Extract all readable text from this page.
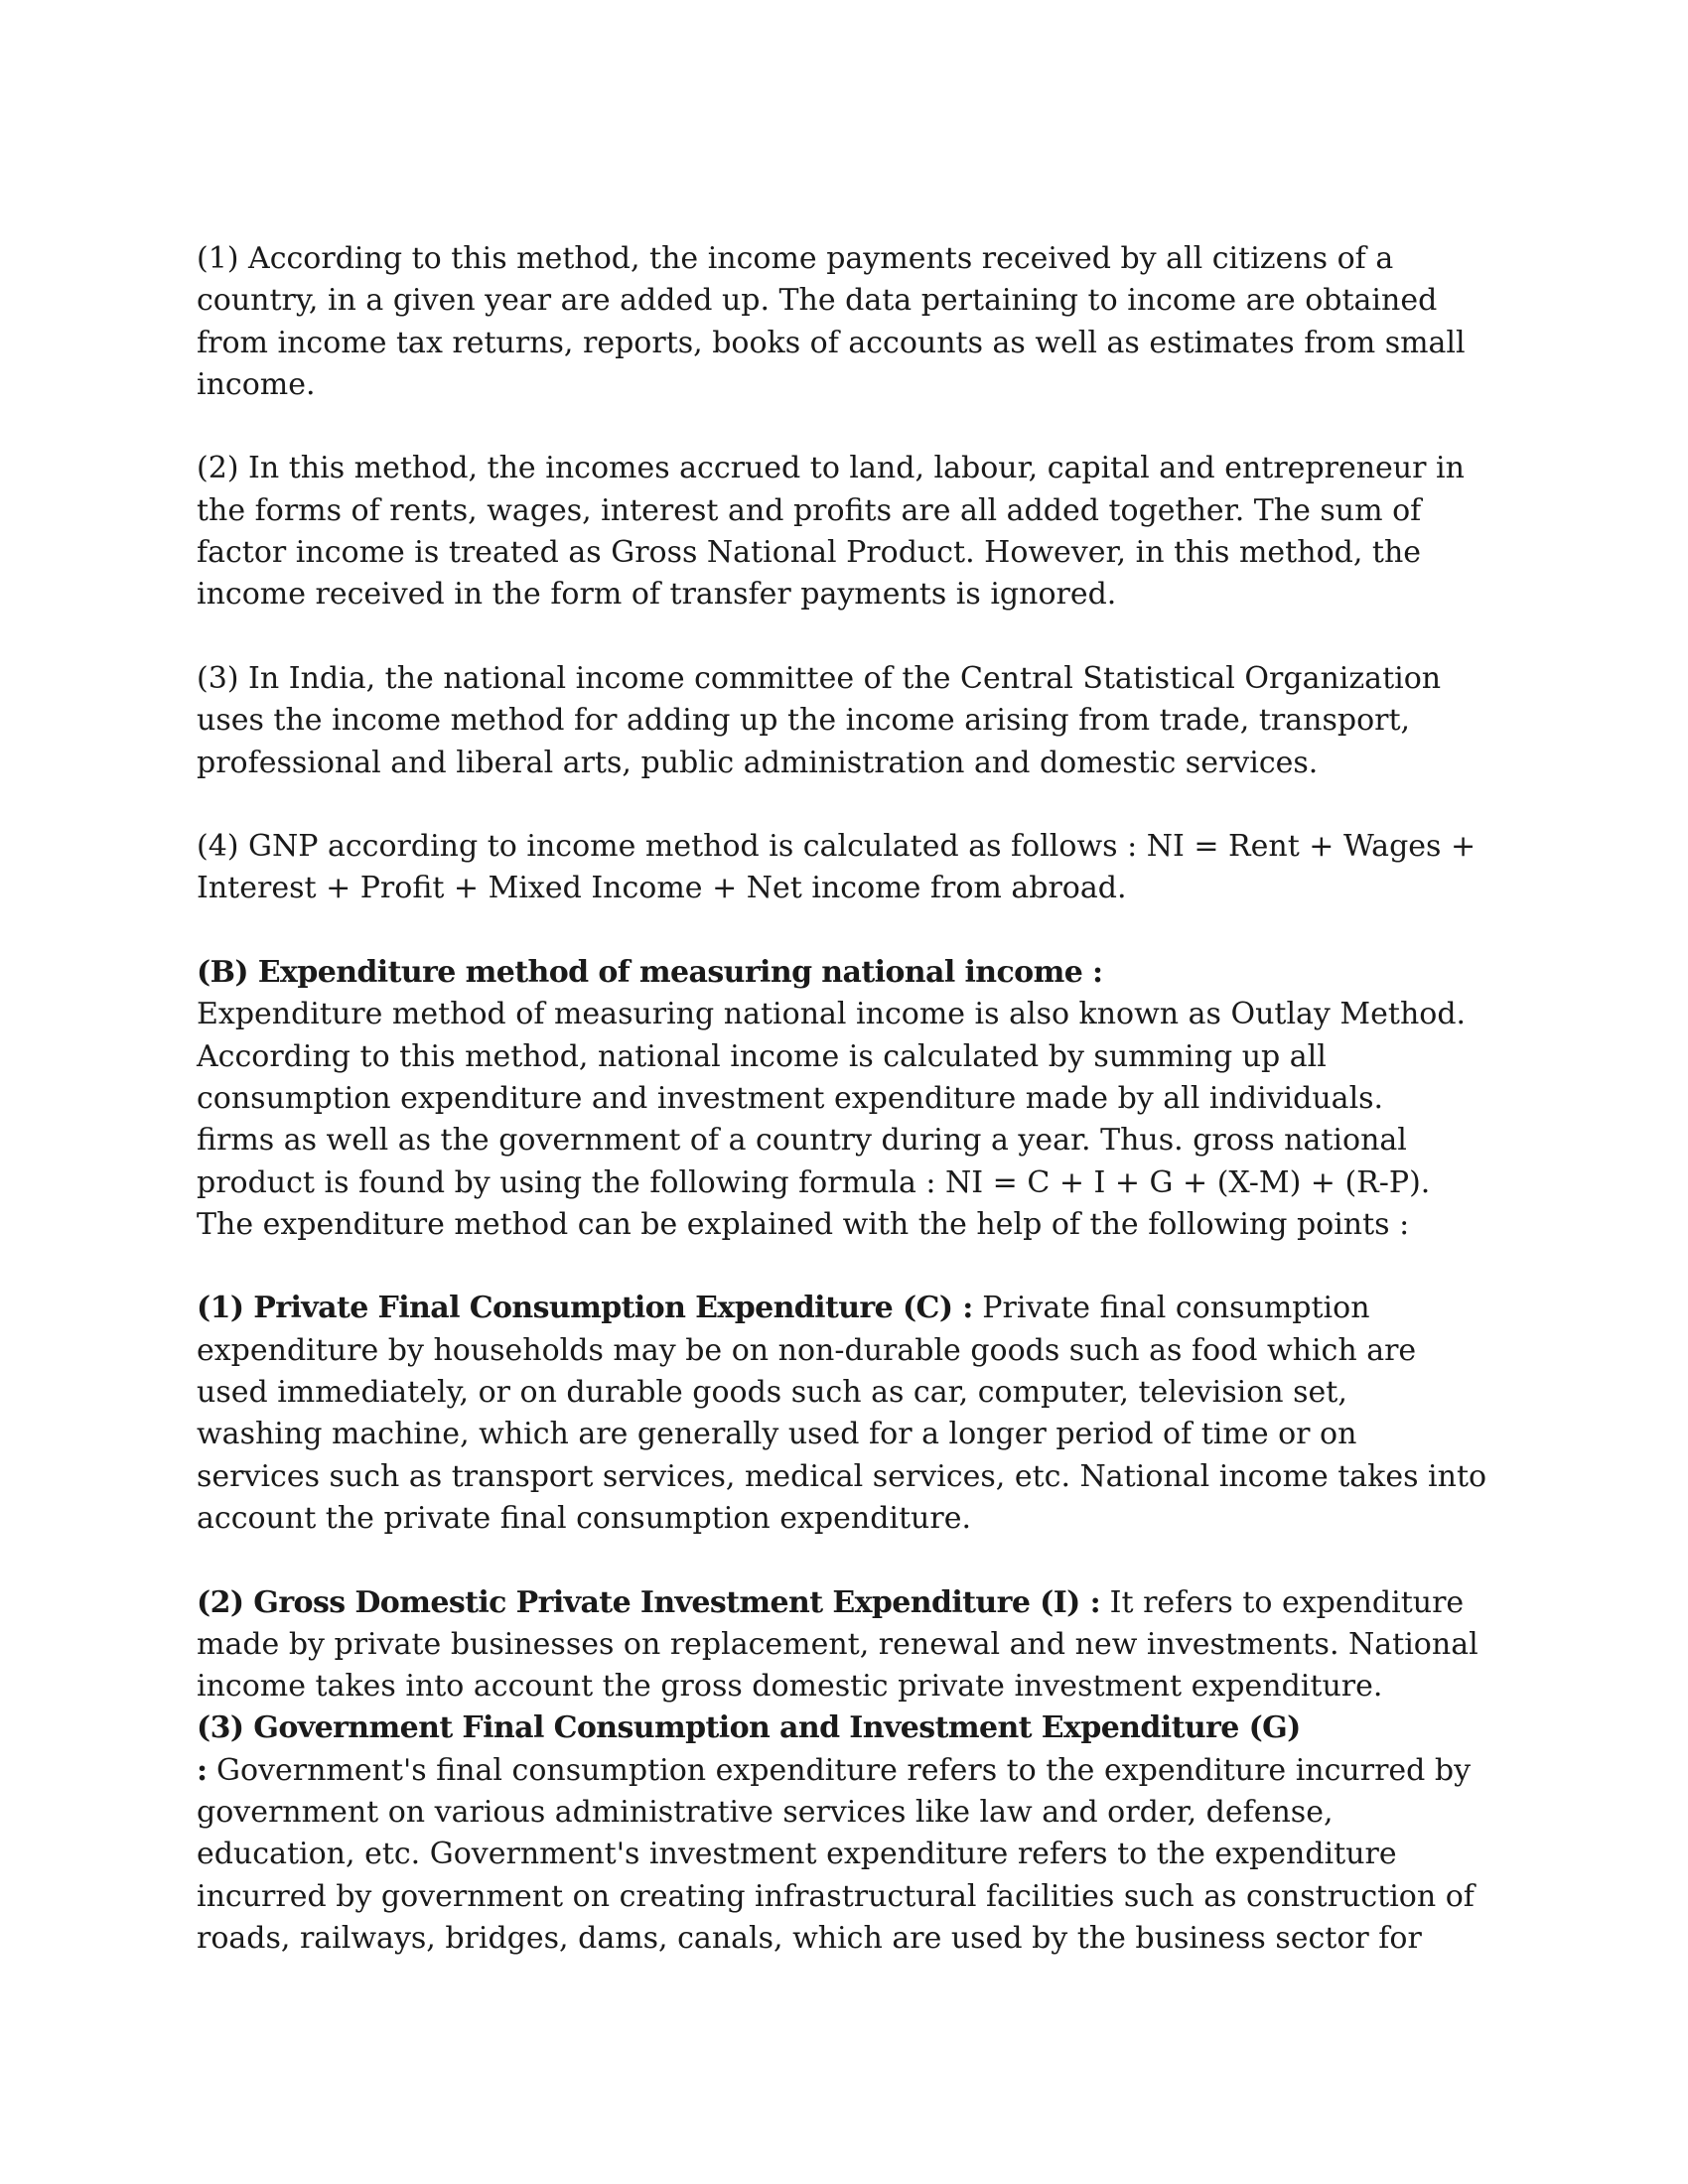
(1) According to this method, the income payments received by all citizens of a
country, in a given year are added up. The data pertaining to income are obtained
from income tax returns, reports, books of accounts as well as estimates from small
income.

(2) In this method, the incomes accrued to land, labour, capital and entrepreneur in
the forms of rents, wages, interest and profits are all added together. The sum of
factor income is treated as Gross National Product. However, in this method, the
income received in the form of transfer payments is ignored.

(3) In India, the national income committee of the Central Statistical Organization
uses the income method for adding up the income arising from trade, transport,
professional and liberal arts, public administration and domestic services.

(4) GNP according to income method is calculated as follows : NI = Rent + Wages +
Interest + Profit + Mixed Income + Net income from abroad.

(B) Expenditure method of measuring national income :

Expenditure method of measuring national income is also known as Outlay Method.
According to this method, national income is calculated by summing up all
consumption expenditure and investment expenditure made by all individuals.
firms as well as the government of a country during a year. Thus. gross national
product is found by using the following formula : NI = C + I + G + (X-M) + (R-P).
The expenditure method can be explained with the help of the following points :

(1) Private Final Consumption Expenditure (C) : Private final consumption
expenditure by households may be on non-durable goods such as food which are
used immediately, or on durable goods such as car, computer, television set,
washing machine, which are generally used for a longer period of time or on
services such as transport services, medical services, etc. National income takes into
account the private final consumption expenditure.

(2) Gross Domestic Private Investment Expenditure (I) : It refers to expenditure
made by private businesses on replacement, renewal and new investments. National
income takes into account the gross domestic private investment expenditure.

(3) Government Final Consumption and Investment Expenditure (G)

: Government's final consumption expenditure refers to the expenditure incurred by
government on various administrative services like law and order, defense,
education, etc. Government's investment expenditure refers to the expenditure
incurred by government on creating infrastructural facilities such as construction of
roads, railways, bridges, dams, canals, which are used by the business sector for
